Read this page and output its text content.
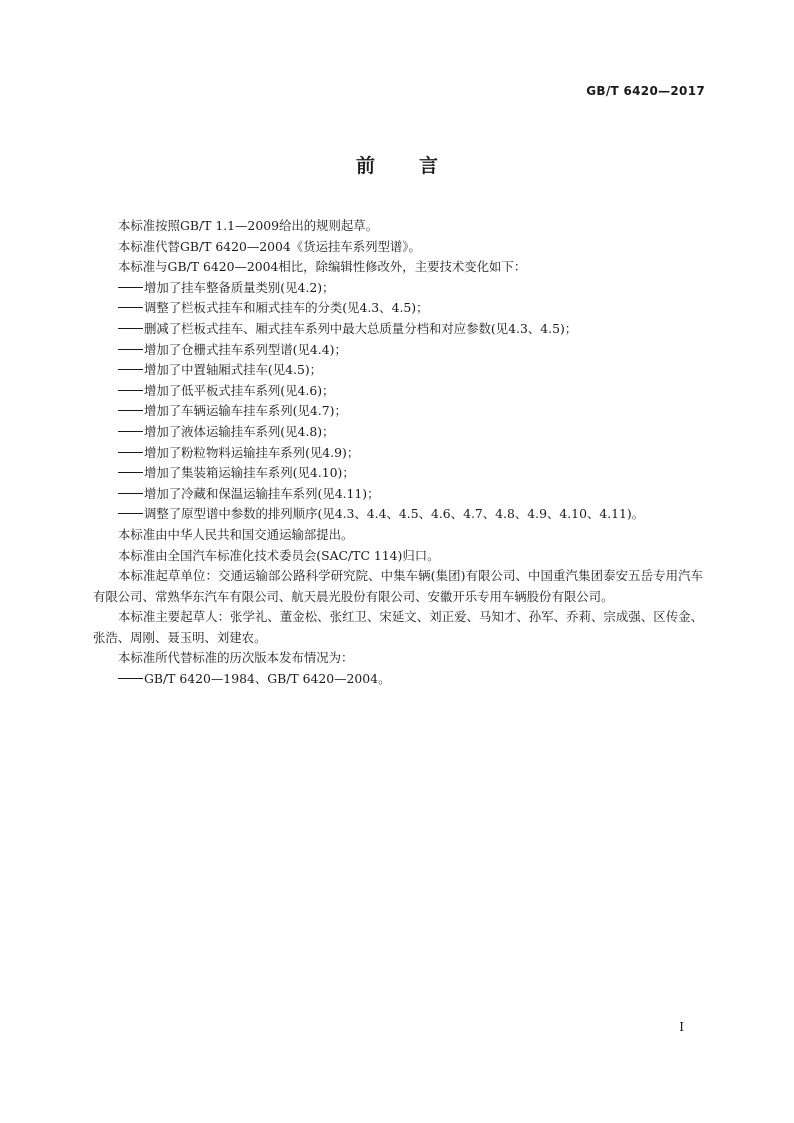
GB/T 6420—2017
前言

本标准按照GB/T 1.1—2009给出的规则起草。

本标准代替GB/T 6420—2004《货运挂车系列型谱》。

本标准与GB/T 6420—2004相比，除编辑性修改外，主要技术变化如下：

增加了挂车整备质量类别(见4.2)；

调整了栏板式挂车和厢式挂车的分类(见4.3、4.5)；

删减了栏板式挂车、厢式挂车系列中最大总质量分档和对应参数(见4.3、4.5)；

增加了仓栅式挂车系列型谱(见4.4)；

增加了中置轴厢式挂车(见4.5)；

增加了低平板式挂车系列(见4.6)；

增加了车辆运输车挂车系列(见4.7)；

增加了液体运输挂车系列(见4.8)；

增加了粉粒物料运输挂车系列(见4.9)；

增加了集装箱运输挂车系列(见4.10)；

增加了冷藏和保温运输挂车系列(见4.11)；

调整了原型谱中参数的排列顺序(见4.3、4.4、4.5、4.6、4.7、4.8、4.9、4.10、4.11)。

本标准由中华人民共和国交通运输部提出。

本标准由全国汽车标准化技术委员会(SAC/TC 114)归口。

本标准起草单位：交通运输部公路科学研究院、中集车辆(集团)有限公司、中国重汽集团泰安五岳专用汽车有限公司、常熟华东汽车有限公司、航天晨光股份有限公司、安徽开乐专用车辆股份有限公司。

本标准主要起草人：张学礼、董金松、张红卫、宋延文、刘正爱、马知才、孙军、乔莉、宗成强、区传金、张浩、周刚、聂玉明、刘建农。

本标准所代替标准的历次版本发布情况为：

GB/T 6420—1984、GB/T 6420—2004。

I
